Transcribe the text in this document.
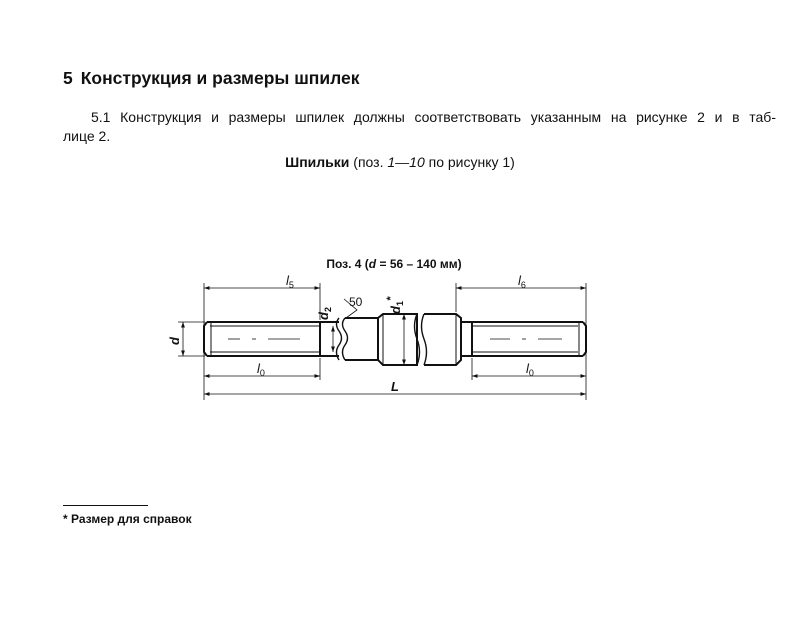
5 Конструкция и размеры шпилек

5.1 Конструкция и размеры шпилек должны соответствовать указанным на рисунке 2 и в таб-
лице 2.

Шпильки (поз. 1—10 по рисунку 1)
Поз. 4 (d = 56 – 140 мм)
$l_5$	$l_6$
$l_0$	$l_0$
L
50
d
$d_2$	$d_1^*$
* Размер для справок
